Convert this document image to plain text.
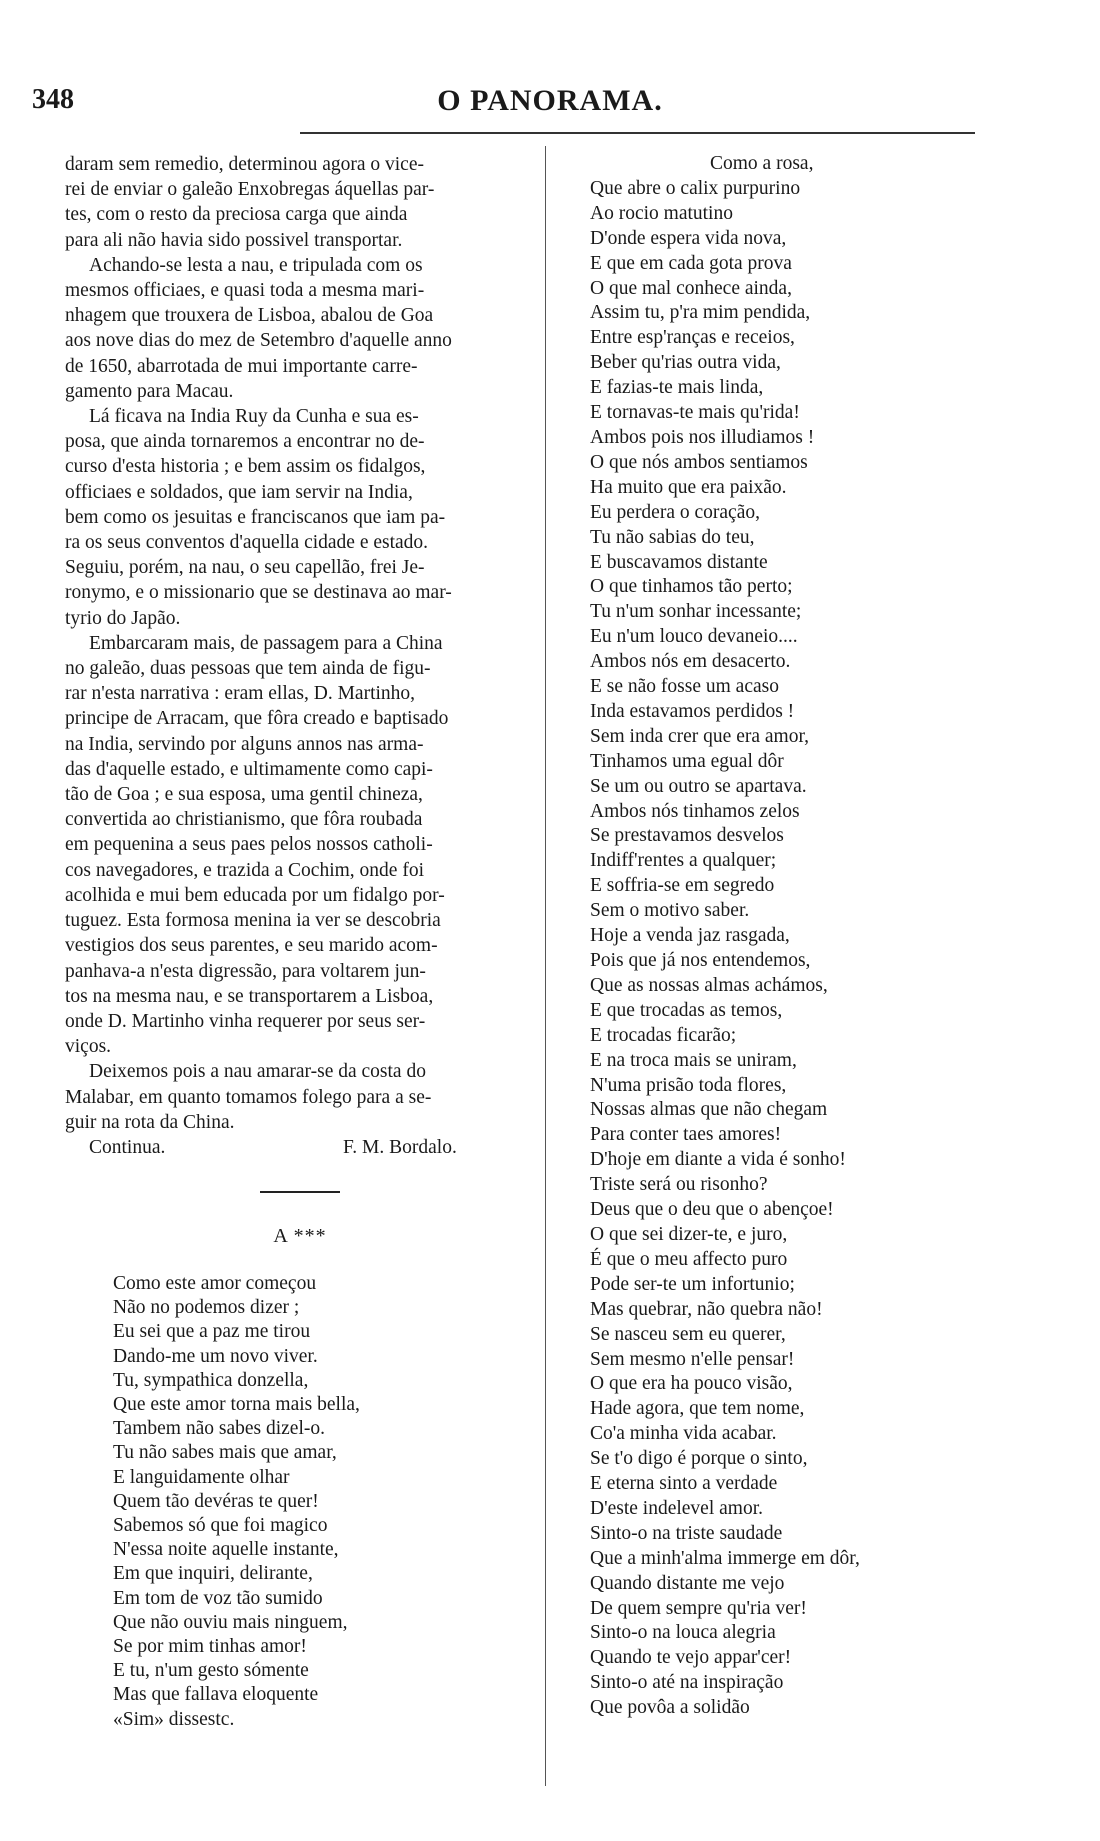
348	O PANORAMA.

daram sem remedio, determinou agora o vice-
rei de enviar o galeão Enxobregas áquellas par-
tes, com o resto da preciosa carga que ainda
para ali não havia sido possivel transportar.

Achando-se lesta a nau, e tripulada com os
mesmos officiaes, e quasi toda a mesma mari-
nhagem que trouxera de Lisboa, abalou de Goa
aos nove dias do mez de Setembro d'aquelle anno
de 1650, abarrotada de mui importante carre-
gamento para Macau.

Lá ficava na India Ruy da Cunha e sua es-
posa, que ainda tornaremos a encontrar no de-
curso d'esta historia ; e bem assim os fidalgos,
officiaes e soldados, que iam servir na India,
bem como os jesuitas e franciscanos que iam pa-
ra os seus conventos d'aquella cidade e estado.
Seguiu, porém, na nau, o seu capellão, frei Je-
ronymo, e o missionario que se destinava ao mar-
tyrio do Japão.

Embarcaram mais, de passagem para a China
no galeão, duas pessoas que tem ainda de figu-
rar n'esta narrativa : eram ellas, D. Martinho,
principe de Arracam, que fôra creado e baptisado
na India, servindo por alguns annos nas arma-
das d'aquelle estado, e ultimamente como capi-
tão de Goa ; e sua esposa, uma gentil chineza,
convertida ao christianismo, que fôra roubada
em pequenina a seus paes pelos nossos catholi-
cos navegadores, e trazida a Cochim, onde foi
acolhida e mui bem educada por um fidalgo por-
tuguez. Esta formosa menina ia ver se descobria
vestigios dos seus parentes, e seu marido acom-
panhava-a n'esta digressão, para voltarem jun-
tos na mesma nau, e se transportarem a Lisboa,
onde D. Martinho vinha requerer por seus ser-
viços.

Deixemos pois a nau amarar-se da costa do
Malabar, em quanto tomamos folego para a se-
guir na rota da China.

Continua.	F. M. Bordalo.
A ***
Como este amor começou
Não no podemos dizer ;
Eu sei que a paz me tirou
Dando-me um novo viver.
Tu, sympathica donzella,
Que este amor torna mais bella,
Tambem não sabes dizel-o.
Tu não sabes mais que amar,
E languidamente olhar
Quem tão devéras te quer!
Sabemos só que foi magico
N'essa noite aquelle instante,
Em que inquiri, delirante,
Em tom de voz tão sumido
Que não ouviu mais ninguem,
Se por mim tinhas amor!
E tu, n'um gesto sómente
Mas que fallava eloquente
«Sim» dissestc.
Como a rosa,
Que abre o calix purpurino
Ao rocio matutino
D'onde espera vida nova,
E que em cada gota prova
O que mal conhece ainda,
Assim tu, p'ra mim pendida,
Entre esp'ranças e receios,
Beber qu'rias outra vida,
E fazias-te mais linda,
E tornavas-te mais qu'rida!
Ambos pois nos illudiamos !
O que nós ambos sentiamos
Ha muito que era paixão.
Eu perdera o coração,
Tu não sabias do teu,
E buscavamos distante
O que tinhamos tão perto;
Tu n'um sonhar incessante;
Eu n'um louco devaneio....
Ambos nós em desacerto.
E se não fosse um acaso
Inda estavamos perdidos !
Sem inda crer que era amor,
Tinhamos uma egual dôr
Se um ou outro se apartava.
Ambos nós tinhamos zelos
Se prestavamos desvelos
Indiff'rentes a qualquer;
E soffria-se em segredo
Sem o motivo saber.
Hoje a venda jaz rasgada,
Pois que já nos entendemos,
Que as nossas almas achámos,
E que trocadas as temos,
E trocadas ficarão;
E na troca mais se uniram,
N'uma prisão toda flores,
Nossas almas que não chegam
Para conter taes amores!
D'hoje em diante a vida é sonho!
Triste será ou risonho?
Deus que o deu que o abençoe!
O que sei dizer-te, e juro,
É que o meu affecto puro
Pode ser-te um infortunio;
Mas quebrar, não quebra não!
Se nasceu sem eu querer,
Sem mesmo n'elle pensar!
O que era ha pouco visão,
Hade agora, que tem nome,
Co'a minha vida acabar.
Se t'o digo é porque o sinto,
E eterna sinto a verdade
D'este indelevel amor.
Sinto-o na triste saudade
Que a minh'alma immerge em dôr,
Quando distante me vejo
De quem sempre qu'ria ver!
Sinto-o na louca alegria
Quando te vejo appar'cer!
Sinto-o até na inspiração
Que povôa a solidão
